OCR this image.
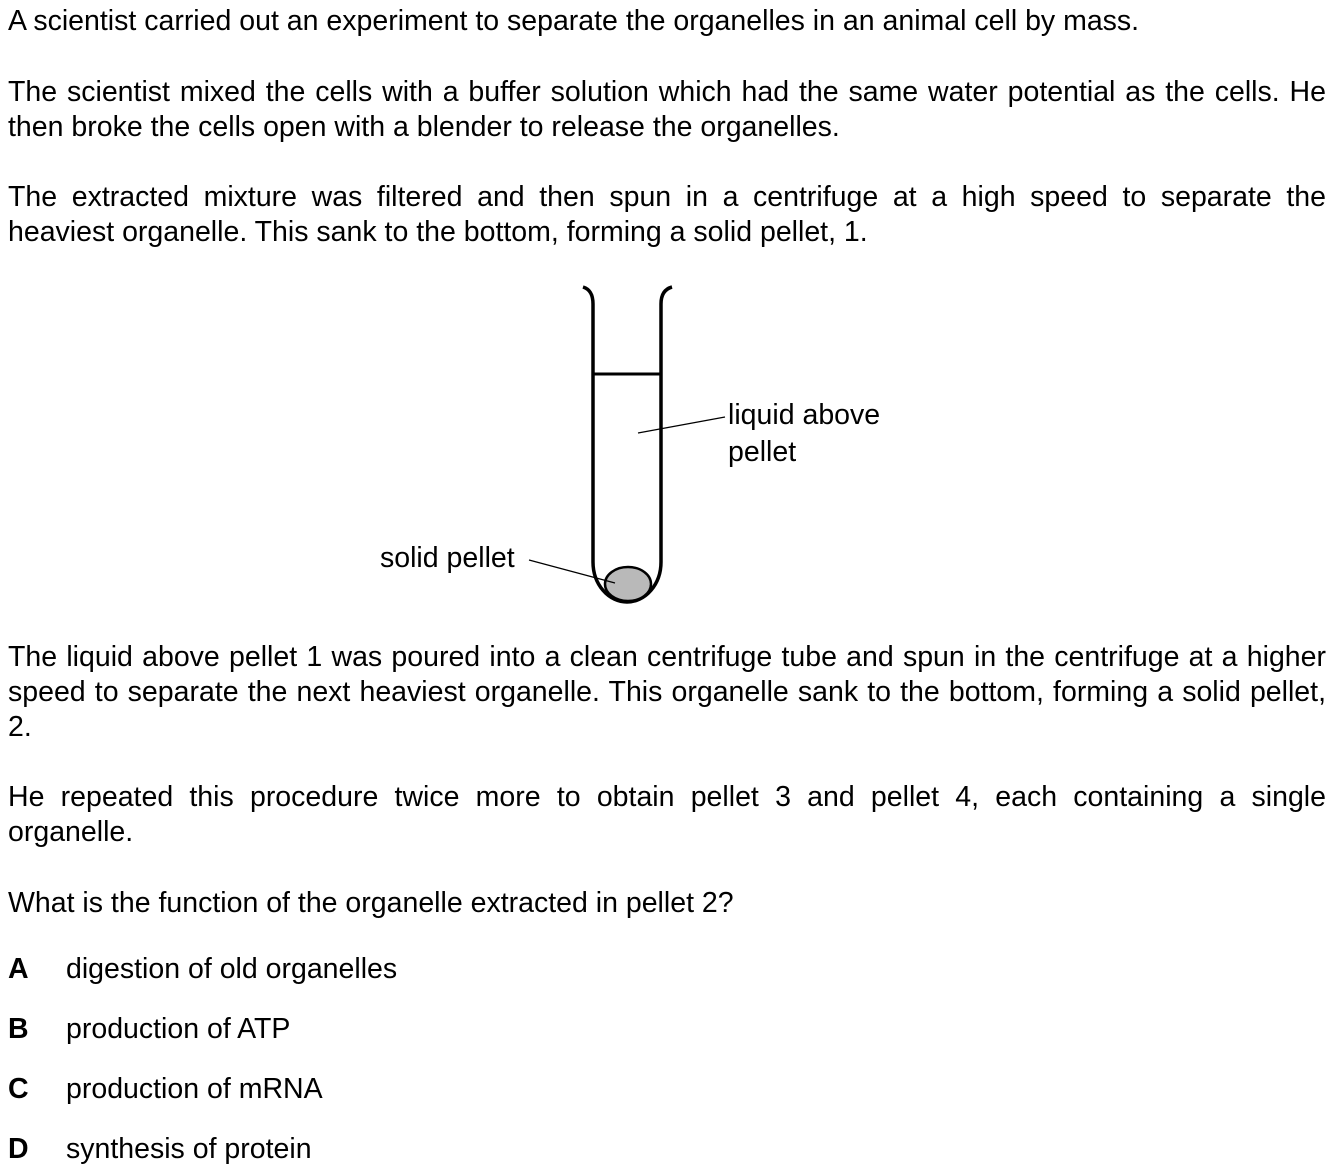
A scientist carried out an experiment to separate the organelles in an animal cell by mass.

The scientist mixed the cells with a buffer solution which had the same water potential as the cells. He then broke the cells open with a blender to release the organelles.

The extracted mixture was filtered and then spun in a centrifuge at a high speed to separate the heaviest organelle. This sank to the bottom, forming a solid pellet, 1.

liquid above
pellet
solid pellet

The liquid above pellet 1 was poured into a clean centrifuge tube and spun in the centrifuge at a higher speed to separate the next heaviest organelle. This organelle sank to the bottom, forming a solid pellet, 2.

He repeated this procedure twice more to obtain pellet 3 and pellet 4, each containing a single organelle.

What is the function of the organelle extracted in pellet 2?

A digestion of old organelles
B production of ATP
C production of mRNA
D synthesis of protein
